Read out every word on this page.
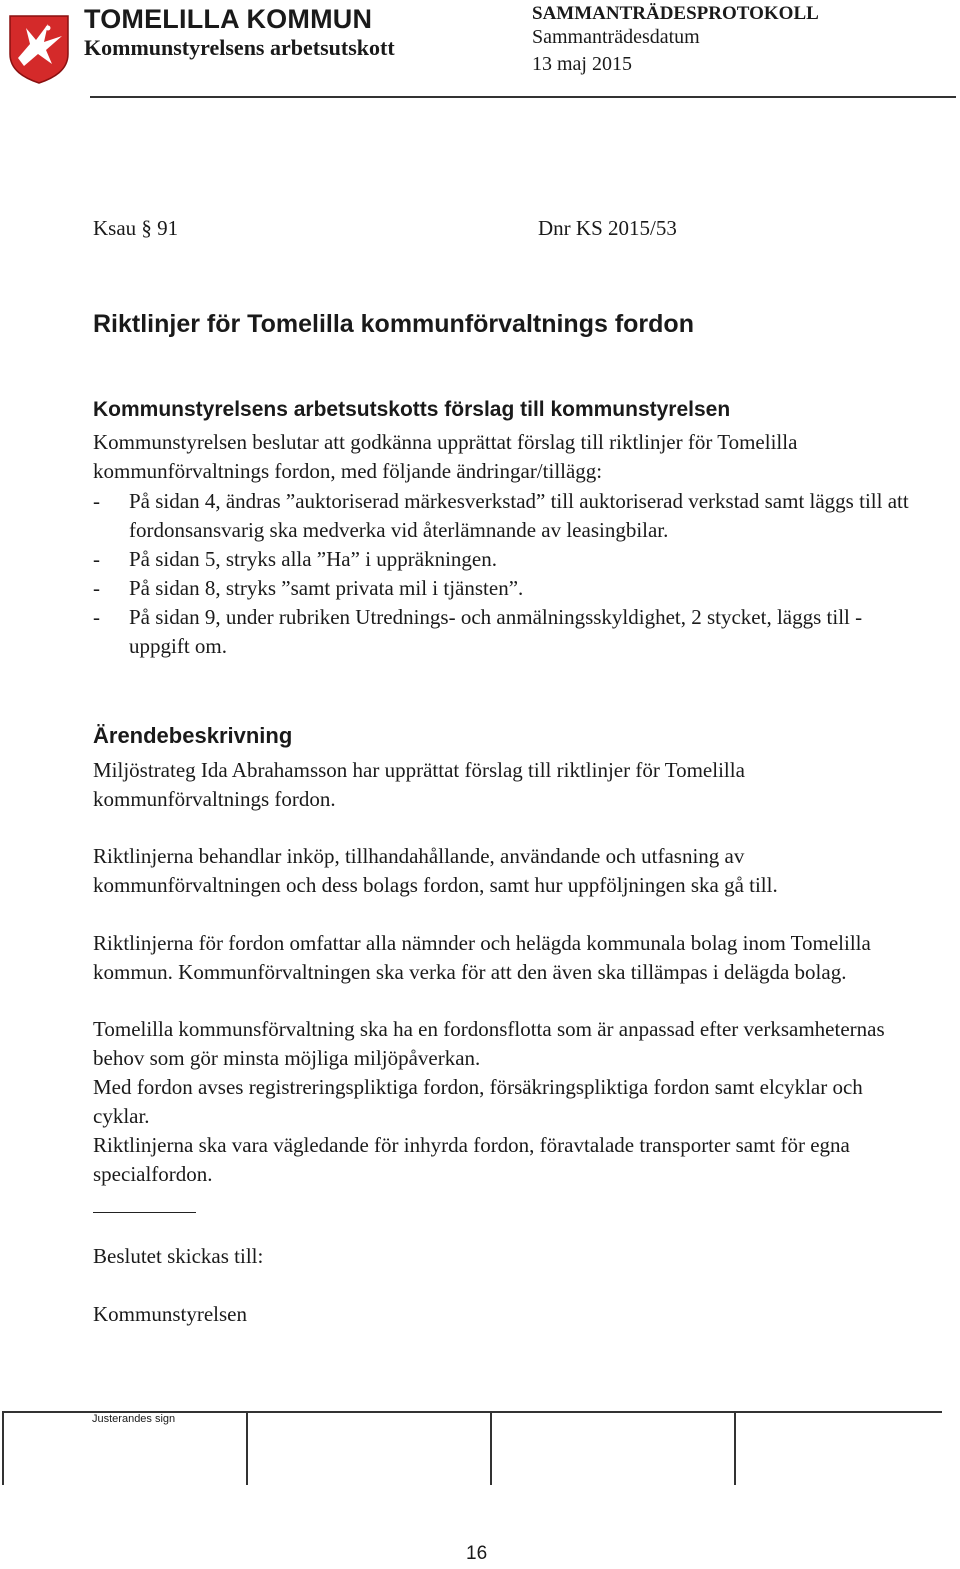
TOMELILLA KOMMUN
Kommunstyrelsens arbetsutskott
SAMMANTRÄDESPROTOKOLL
Sammanträdesdatum
13 maj 2015
Ksau § 91	Dnr KS 2015/53
Riktlinjer för Tomelilla kommunförvaltnings fordon
Kommunstyrelsens arbetsutskotts förslag till kommunstyrelsen

Kommunstyrelsen beslutar att godkänna upprättat förslag till riktlinjer för Tomelilla kommunförvaltnings fordon, med följande ändringar/tillägg:

- På sidan 4, ändras ”auktoriserad märkesverkstad” till auktoriserad verkstad samt läggs till att fordonsansvarig ska medverka vid återlämnande av leasingbilar.
- På sidan 5, stryks alla ”Ha” i uppräkningen.
- På sidan 8, stryks ”samt privata mil i tjänsten”.
- På sidan 9, under rubriken Utrednings- och anmälningsskyldighet, 2 stycket, läggs till - uppgift om.
Ärendebeskrivning

Miljöstrateg Ida Abrahamsson har upprättat förslag till riktlinjer för Tomelilla kommunförvaltnings fordon.

Riktlinjerna behandlar inköp, tillhandahållande, användande och utfasning av kommunförvaltningen och dess bolags fordon, samt hur uppföljningen ska gå till.

Riktlinjerna för fordon omfattar alla nämnder och helägda kommunala bolag inom Tomelilla kommun. Kommunförvaltningen ska verka för att den även ska tillämpas i delägda bolag.

Tomelilla kommunsförvaltning ska ha en fordonsflotta som är anpassad efter verksamheternas behov som gör minsta möjliga miljöpåverkan.

Med fordon avses registreringspliktiga fordon, försäkringspliktiga fordon samt elcyklar och cyklar.

Riktlinjerna ska vara vägledande för inhyrda fordon, föravtalade transporter samt för egna specialfordon.

Beslutet skickas till:
Kommunstyrelsen
Justerandes sign
16
